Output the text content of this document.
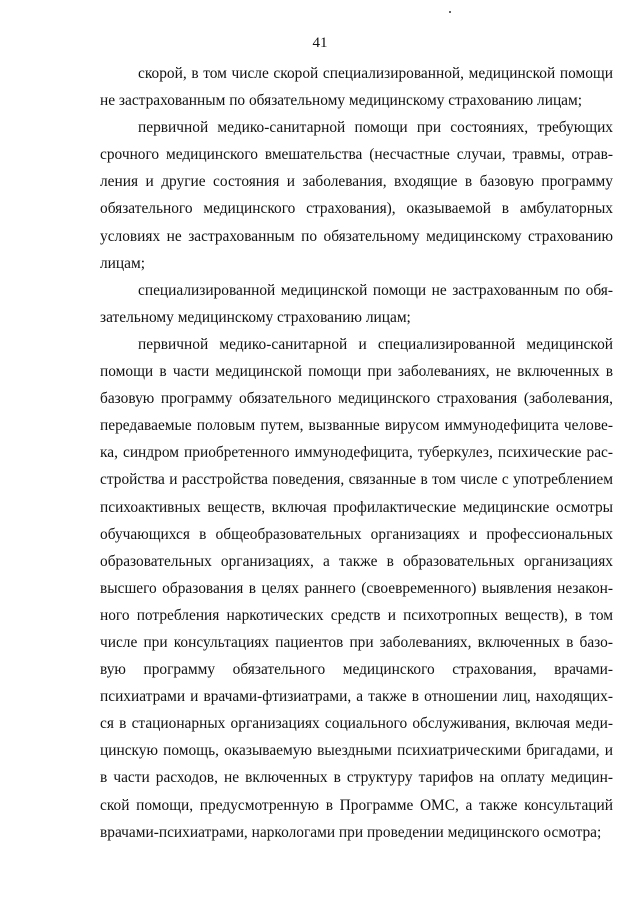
41
скорой, в том числе скорой специализированной, медицинской помощи
не застрахованным по обязательному медицинскому страхованию лицам;
первичной медико-санитарной помощи при состояниях, требующих
срочного медицинского вмешательства (несчастные случаи, травмы, отрав-
ления и другие состояния и заболевания, входящие в базовую программу
обязательного медицинского страхования), оказываемой в амбулаторных
условиях не застрахованным по обязательному медицинскому страхованию
лицам;
специализированной медицинской помощи не застрахованным по обя-
зательному медицинскому страхованию лицам;
первичной медико-санитарной и специализированной медицинской
помощи в части медицинской помощи при заболеваниях, не включенных в
базовую программу обязательного медицинского страхования (заболевания,
передаваемые половым путем, вызванные вирусом иммунодефицита челове-
ка, синдром приобретенного иммунодефицита, туберкулез, психические рас-
стройства и расстройства поведения, связанные в том числе с употреблением
психоактивных веществ, включая профилактические медицинские осмотры
обучающихся в общеобразовательных организациях и профессиональных
образовательных организациях, а также в образовательных организациях
высшего образования в целях раннего (своевременного) выявления незакон-
ного потребления наркотических средств и психотропных веществ), в том
числе при консультациях пациентов при заболеваниях, включенных в базо-
вую программу обязательного медицинского страхования, врачами-
психиатрами и врачами-фтизиатрами, а также в отношении лиц, находящих-
ся в стационарных организациях социального обслуживания, включая меди-
цинскую помощь, оказываемую выездными психиатрическими бригадами, и
в части расходов, не включенных в структуру тарифов на оплату медицин-
ской помощи, предусмотренную в Программе ОМС, а также консультаций
врачами-психиатрами, наркологами при проведении медицинского осмотра;
